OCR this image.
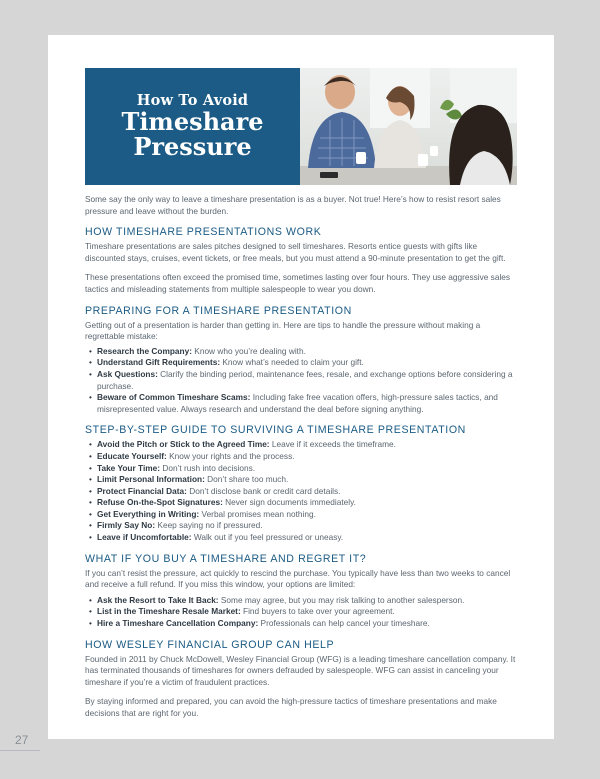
How To Avoid
Timeshare
Pressure

Some say the only way to leave a timeshare presentation is as a buyer. Not true! Here’s how to resist resort sales pressure and leave without the burden.

HOW TIMESHARE PRESENTATIONS WORK

Timeshare presentations are sales pitches designed to sell timeshares. Resorts entice guests with gifts like discounted stays, cruises, event tickets, or free meals, but you must attend a 90-minute presentation to get the gift.

These presentations often exceed the promised time, sometimes lasting over four hours. They use aggressive sales tactics and misleading statements from multiple salespeople to wear you down.

PREPARING FOR A TIMESHARE PRESENTATION

Getting out of a presentation is harder than getting in. Here are tips to handle the pressure without making a regrettable mistake:

• Research the Company: Know who you’re dealing with.
• Understand Gift Requirements: Know what’s needed to claim your gift.
• Ask Questions: Clarify the binding period, maintenance fees, resale, and exchange options before considering a purchase.
• Beware of Common Timeshare Scams: Including fake free vacation offers, high-pressure sales tactics, and misrepresented value. Always research and understand the deal before signing anything.
STEP-BY-STEP GUIDE TO SURVIVING A TIMESHARE PRESENTATION
• Avoid the Pitch or Stick to the Agreed Time: Leave if it exceeds the timeframe.
• Educate Yourself: Know your rights and the process.
• Take Your Time: Don’t rush into decisions.
• Limit Personal Information: Don’t share too much.
• Protect Financial Data: Don’t disclose bank or credit card details.
• Refuse On-the-Spot Signatures: Never sign documents immediately.
• Get Everything in Writing: Verbal promises mean nothing.
• Firmly Say No: Keep saying no if pressured.
• Leave if Uncomfortable: Walk out if you feel pressured or uneasy.
WHAT IF YOU BUY A TIMESHARE AND REGRET IT?

If you can’t resist the pressure, act quickly to rescind the purchase. You typically have less than two weeks to cancel and receive a full refund. If you miss this window, your options are limited:

• Ask the Resort to Take It Back: Some may agree, but you may risk talking to another salesperson.
• List in the Timeshare Resale Market: Find buyers to take over your agreement.
• Hire a Timeshare Cancellation Company: Professionals can help cancel your timeshare.
HOW WESLEY FINANCIAL GROUP CAN HELP

Founded in 2011 by Chuck McDowell, Wesley Financial Group (WFG) is a leading timeshare cancellation company. It has terminated thousands of timeshares for owners defrauded by salespeople. WFG can assist in canceling your timeshare if you’re a victim of fraudulent practices.

By staying informed and prepared, you can avoid the high-pressure tactics of timeshare presentations and make decisions that are right for you.

27
